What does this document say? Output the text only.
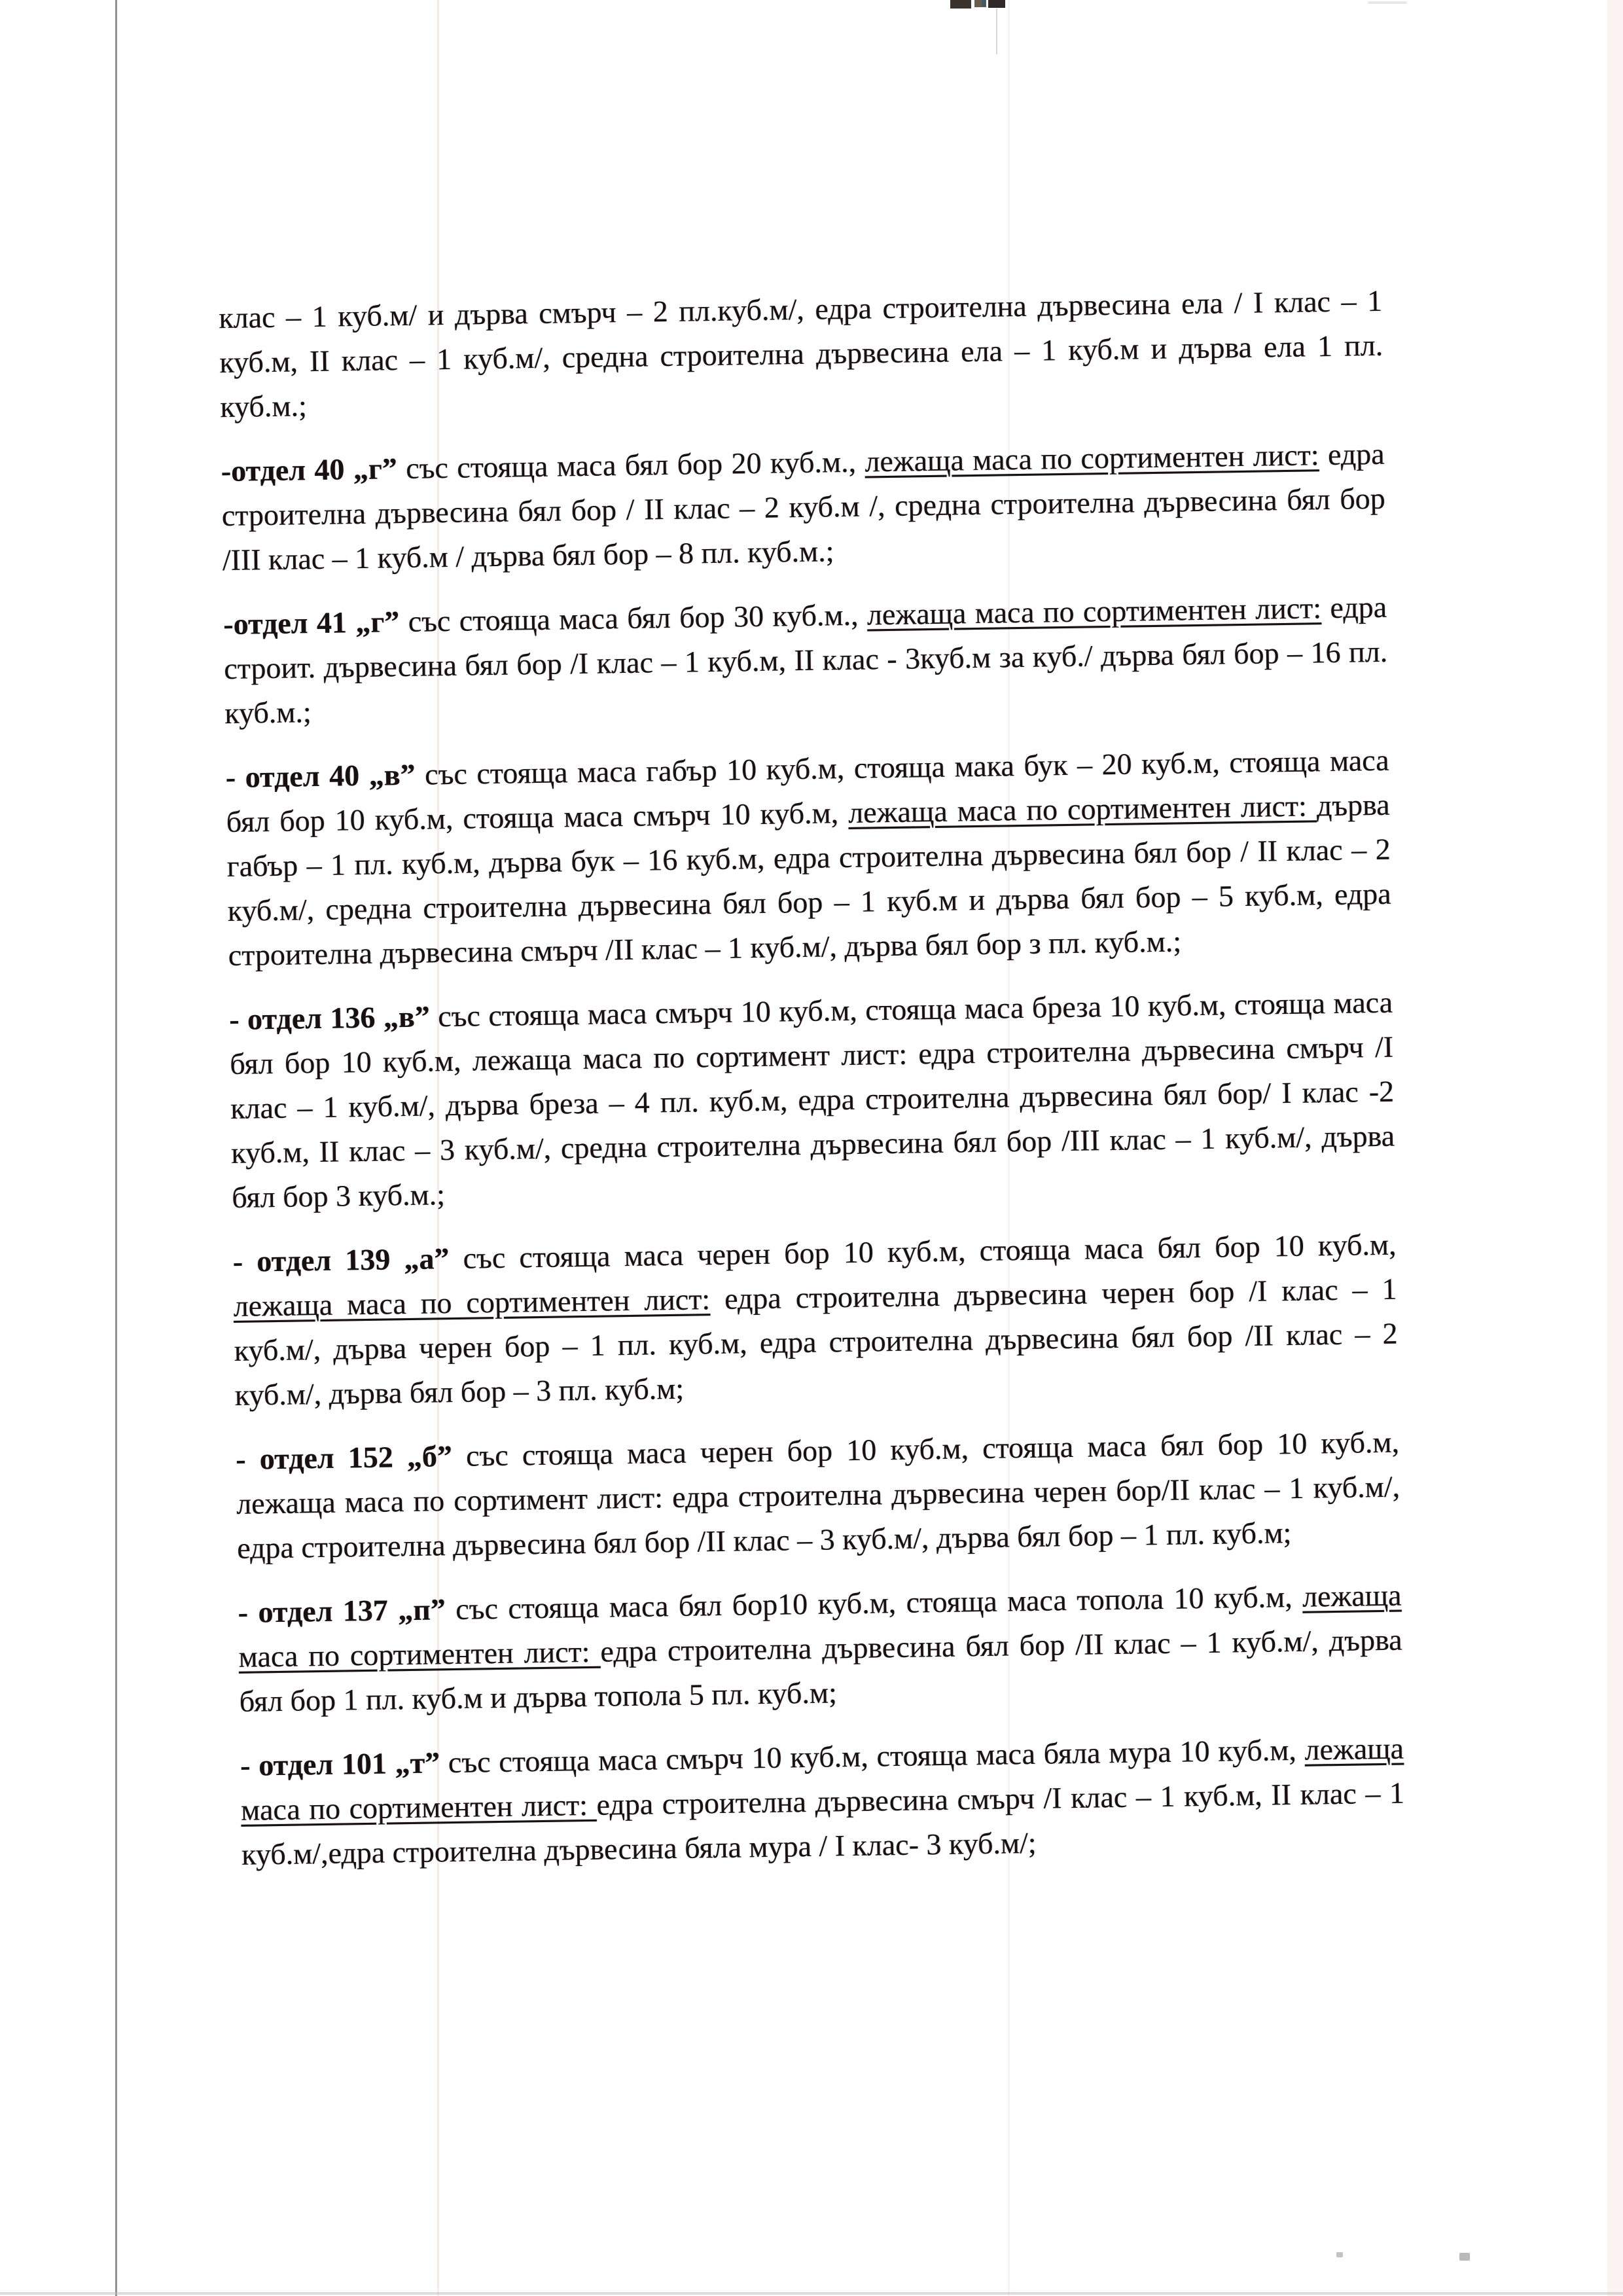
клас – 1 куб.м/ и дърва смърч – 2 пл.куб.м/, едра строителна дървесина ела / I клас – 1 куб.м, II клас – 1 куб.м/, средна строителна дървесина ела – 1 куб.м и дърва ела 1 пл. куб.м.;

-отдел 40 „г” със стояща маса бял бор 20 куб.м., лежаща маса по сортиментен лист: едра строителна дървесина бял бор / II клас – 2 куб.м /, средна строителна дървесина бял бор /III клас – 1 куб.м / дърва бял бор – 8 пл. куб.м.;

-отдел 41 „г” със стояща маса бял бор 30 куб.м., лежаща маса по сортиментен лист: едра строит. дървесина бял бор /I клас – 1 куб.м, II клас - 3куб.м за куб./ дърва бял бор – 16 пл. куб.м.;

- отдел 40 „в” със стояща маса габър 10 куб.м, стояща мака бук – 20 куб.м, стояща маса бял бор 10 куб.м, стояща маса смърч 10 куб.м, лежаща маса по сортиментен лист: дърва габър – 1 пл. куб.м, дърва бук – 16 куб.м, едра строителна дървесина бял бор / II клас – 2 куб.м/, средна строителна дървесина бял бор – 1 куб.м и дърва бял бор – 5 куб.м, едра строителна дървесина смърч /II клас – 1 куб.м/, дърва бял бор з пл. куб.м.;

- отдел 136 „в” със стояща маса смърч 10 куб.м, стояща маса бреза 10 куб.м, стояща маса бял бор 10 куб.м, лежаща маса по сортимент лист: едра строителна дървесина смърч /I клас – 1 куб.м/, дърва бреза – 4 пл. куб.м, едра строителна дървесина бял бор/ I клас -2 куб.м, II клас – 3 куб.м/, средна строителна дървесина бял бор /III клас – 1 куб.м/, дърва бял бор 3 куб.м.;

- отдел 139 „а” със стояща маса черен бор 10 куб.м, стояща маса бял бор 10 куб.м, лежаща маса по сортиментен лист: едра строителна дървесина черен бор /I клас – 1 куб.м/, дърва черен бор – 1 пл. куб.м, едра строителна дървесина бял бор /II клас – 2 куб.м/, дърва бял бор – 3 пл. куб.м;

- отдел 152 „б” със стояща маса черен бор 10 куб.м, стояща маса бял бор 10 куб.м, лежаща маса по сортимент лист: едра строителна дървесина черен бор/II клас – 1 куб.м/, едра строителна дървесина бял бор /II клас – 3 куб.м/, дърва бял бор – 1 пл. куб.м;

- отдел 137 „п” със стояща маса бял бор10 куб.м, стояща маса топола 10 куб.м, лежаща маса по сортиментен лист: едра строителна дървесина бял бор /II клас – 1 куб.м/, дърва бял бор 1 пл. куб.м и дърва топола 5 пл. куб.м;

- отдел 101 „т” със стояща маса смърч 10 куб.м, стояща маса бяла мура 10 куб.м, лежаща маса по сортиментен лист: едра строителна дървесина смърч /I клас – 1 куб.м, II клас – 1 куб.м/,едра строителна дървесина бяла мура / I клас- 3 куб.м/;
